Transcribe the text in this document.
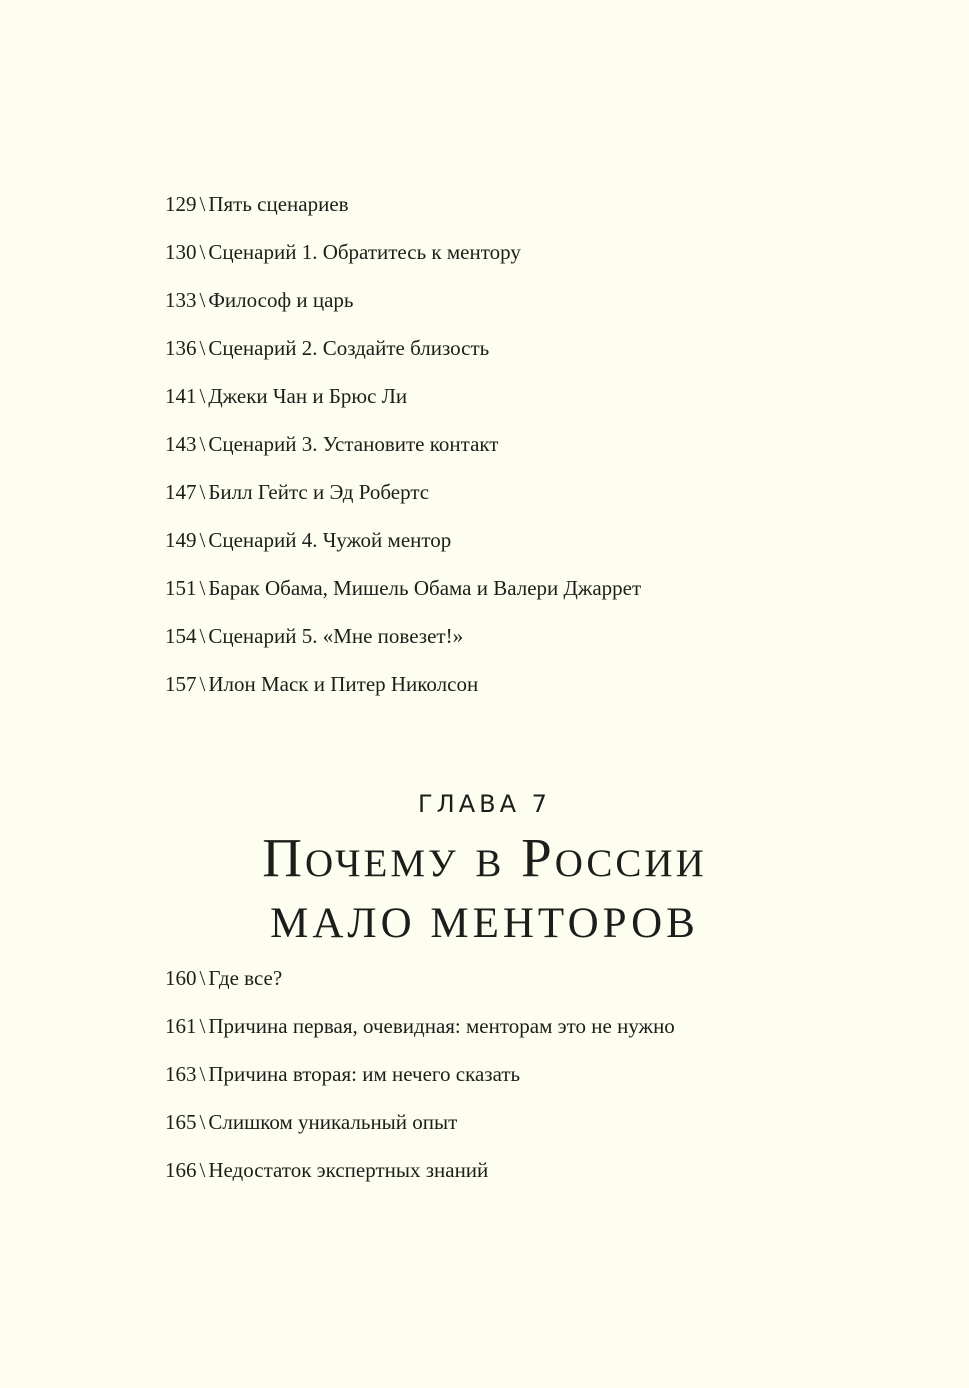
129 \ Пять сценариев
130 \ Сценарий 1. Обратитесь к ментору
133 \ Философ и царь
136 \ Сценарий 2. Создайте близость
141 \ Джеки Чан и Брюс Ли
143 \ Сценарий 3. Установите контакт
147 \ Билл Гейтс и Эд Робертс
149 \ Сценарий 4. Чужой ментор
151 \ Барак Обама, Мишель Обама и Валери Джаррет
154 \ Сценарий 5. «Мне повезет!»
157 \ Илон Маск и Питер Николсон
ГЛАВА 7
Почему в России
МАЛО МЕНТОРОВ
160 \ Где все?
161 \ Причина первая, очевидная: менторам это не нужно
163 \ Причина вторая: им нечего сказать
165 \ Слишком уникальный опыт
166 \ Недостаток экспертных знаний
